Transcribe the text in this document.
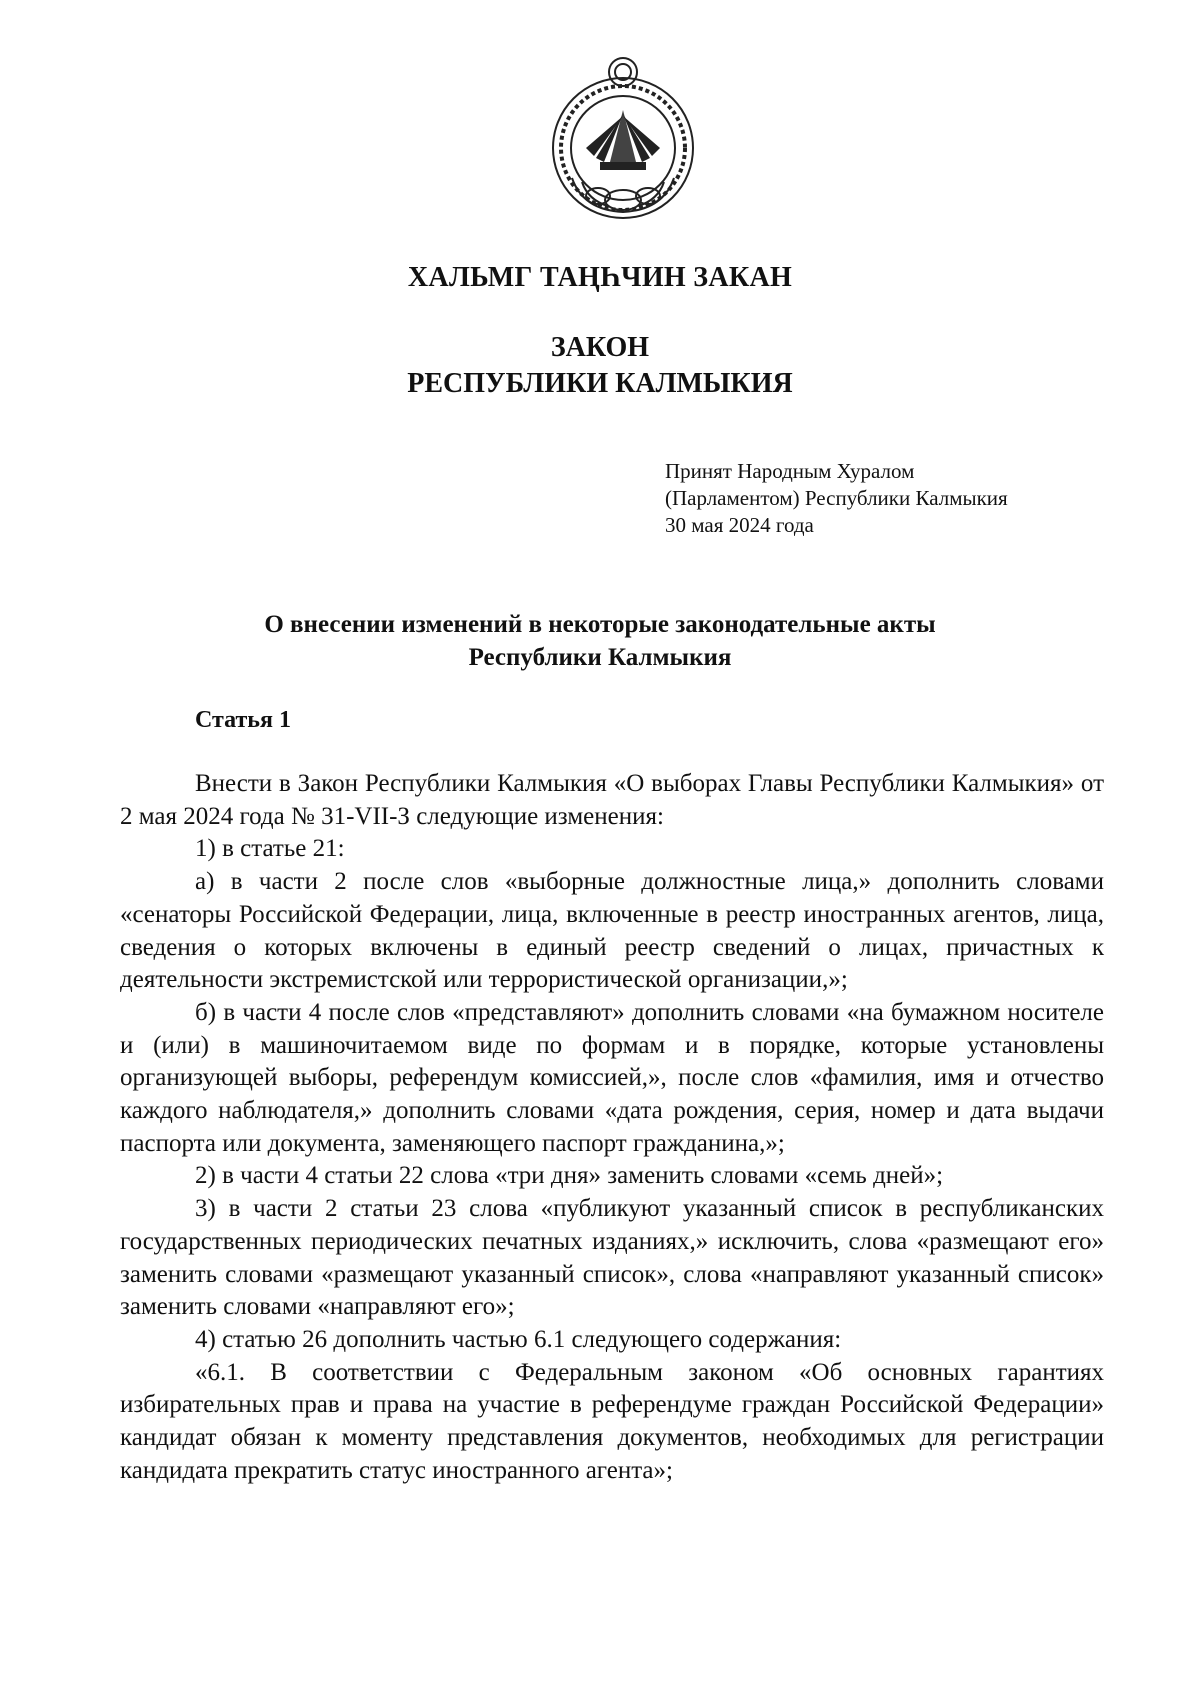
ХАЛЬМГ ТАҢҺЧИН ЗАКАН
ЗАКОН
РЕСПУБЛИКИ КАЛМЫКИЯ
Принят Народным Хуралом
(Парламентом) Республики Калмыкия
30 мая 2024 года
О внесении изменений в некоторые законодательные акты
Республики Калмыкия
Статья 1

Внести в Закон Республики Калмыкия «О выборах Главы Республики Калмыкия» от 2 мая 2024 года № 31-VII-З следующие изменения:

1) в статье 21:

а) в части 2 после слов «выборные должностные лица,» дополнить словами «сенаторы Российской Федерации, лица, включенные в реестр иностранных агентов, лица, сведения о которых включены в единый реестр сведений о лицах, причастных к деятельности экстремистской или террористической организации,»;

б) в части 4 после слов «представляют» дополнить словами «на бумажном носителе и (или) в машиночитаемом виде по формам и в порядке, которые установлены организующей выборы, референдум комиссией,», после слов «фамилия, имя и отчество каждого наблюдателя,» дополнить словами «дата рождения, серия, номер и дата выдачи паспорта или документа, заменяющего паспорт гражданина,»;

2) в части 4 статьи 22 слова «три дня» заменить словами «семь дней»;

3) в части 2 статьи 23 слова «публикуют указанный список в республиканских государственных периодических печатных изданиях,» исключить, слова «размещают его» заменить словами «размещают указанный список», слова «направляют указанный список» заменить словами «направляют его»;

4) статью 26 дополнить частью 6.1 следующего содержания:

«6.1. В соответствии с Федеральным законом «Об основных гарантиях избирательных прав и права на участие в референдуме граждан Российской Федерации» кандидат обязан к моменту представления документов, необходимых для регистрации кандидата прекратить статус иностранного агента»;
